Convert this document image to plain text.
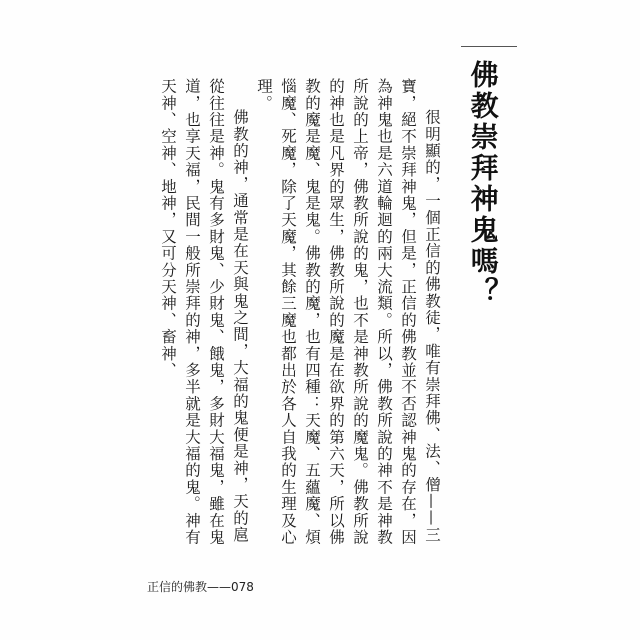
佛教崇拜神鬼嗎？

很明顯的，一個正信的佛教徒，唯有崇拜佛、法、僧——三寶，絕不崇拜神鬼，但是，正信的佛教並不否認神鬼的存在，因為神鬼也是六道輪迴的兩大流類。所以，佛教所說的神不是神教所說的上帝，佛教所說的鬼，也不是神教所說的魔鬼。佛教所說的神也是凡界的眾生，佛教所說的魔是在欲界的第六天，所以佛教的魔是魔、鬼是鬼。佛教的魔，也有四種：天魔、五蘊魔、煩惱魔、死魔，除了天魔，其餘三魔也都出於各人自我的生理及心理。

佛教的神，通常是在天與鬼之間，大福的鬼便是神，天的扈從往往是神。鬼有多財鬼、少財鬼、餓鬼，多財大福鬼，雖在鬼道，也享天福，民間一般所崇拜的神，多半就是大福的鬼。神有天神、空神、地神，又可分天神、畜神、

正信的佛教——078
